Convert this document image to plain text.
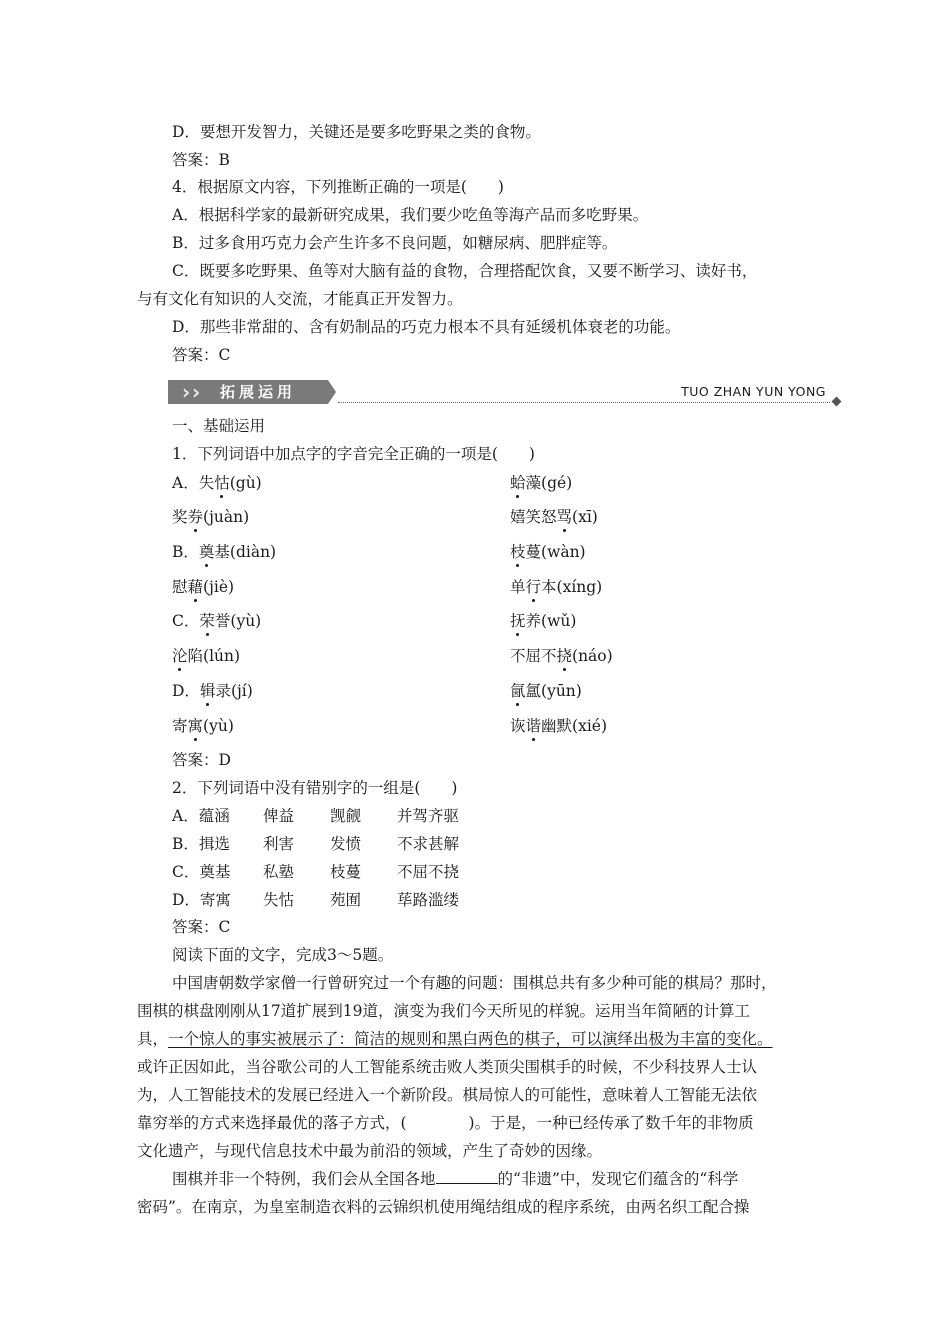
D．要想开发智力，关键还是要多吃野果之类的食物。
答案：B
4．根据原文内容，下列推断正确的一项是(　　)
A．根据科学家的最新研究成果，我们要少吃鱼等海产品而多吃野果。
B．过多食用巧克力会产生许多不良问题，如糖尿病、肥胖症等。
C．既要多吃野果、鱼等对大脑有益的食物，合理搭配饮食，又要不断学习、读好书，
与有文化有知识的人交流，才能真正开发智力。
D．那些非常甜的、含有奶制品的巧克力根本不具有延缓机体衰老的功能。
答案：C
› › 拓展运用	TUO ZHAN YUN YONG
一、基础运用
1．下列词语中加点字的字音完全正确的一项是(　　)
A．失怙(gù)	蛤藻(gé)
奖券(juàn)	嬉笑怒骂(xī)
B．奠基(diàn)	枝蔓(wàn)
慰藉(jiè)	单行本(xíng)
C．荣誉(yù)	抚养(wǔ)
沦陷(lún)	不屈不挠(náo)
D．辑录(jí)	氤氲(yūn)
寄寓(yù)	诙谐幽默(xié)
答案：D
2．下列词语中没有错别字的一组是(　　)
A．蕴涵 俾益 觊觎 并驾齐驱
B．揖选 利害 发愤 不求甚解
C．奠基 私塾 枝蔓 不屈不挠
D．寄寓 失怙 苑囿 荜路滥缕
答案：C
阅读下面的文字，完成3～5题。
中国唐朝数学家僧一行曾研究过一个有趣的问题：围棋总共有多少种可能的棋局？那时，
围棋的棋盘刚刚从17道扩展到19道，演变为我们今天所见的样貌。运用当年简陋的计算工
具，一个惊人的事实被展示了：简洁的规则和黑白两色的棋子，可以演绎出极为丰富的变化。
或许正因如此，当谷歌公司的人工智能系统击败人类顶尖围棋手的时候，不少科技界人士认
为，人工智能技术的发展已经进入一个新阶段。棋局惊人的可能性，意味着人工智能无法依
靠穷举的方式来选择最优的落子方式，(　　　　)。于是，一种已经传承了数千年的非物质
文化遗产，与现代信息技术中最为前沿的领域，产生了奇妙的因缘。
围棋并非一个特例，我们会从全国各地	的“非遗”中，发现它们蕴含的“科学
密码”。在南京，为皇室制造衣料的云锦织机使用绳结组成的程序系统，由两名织工配合操
